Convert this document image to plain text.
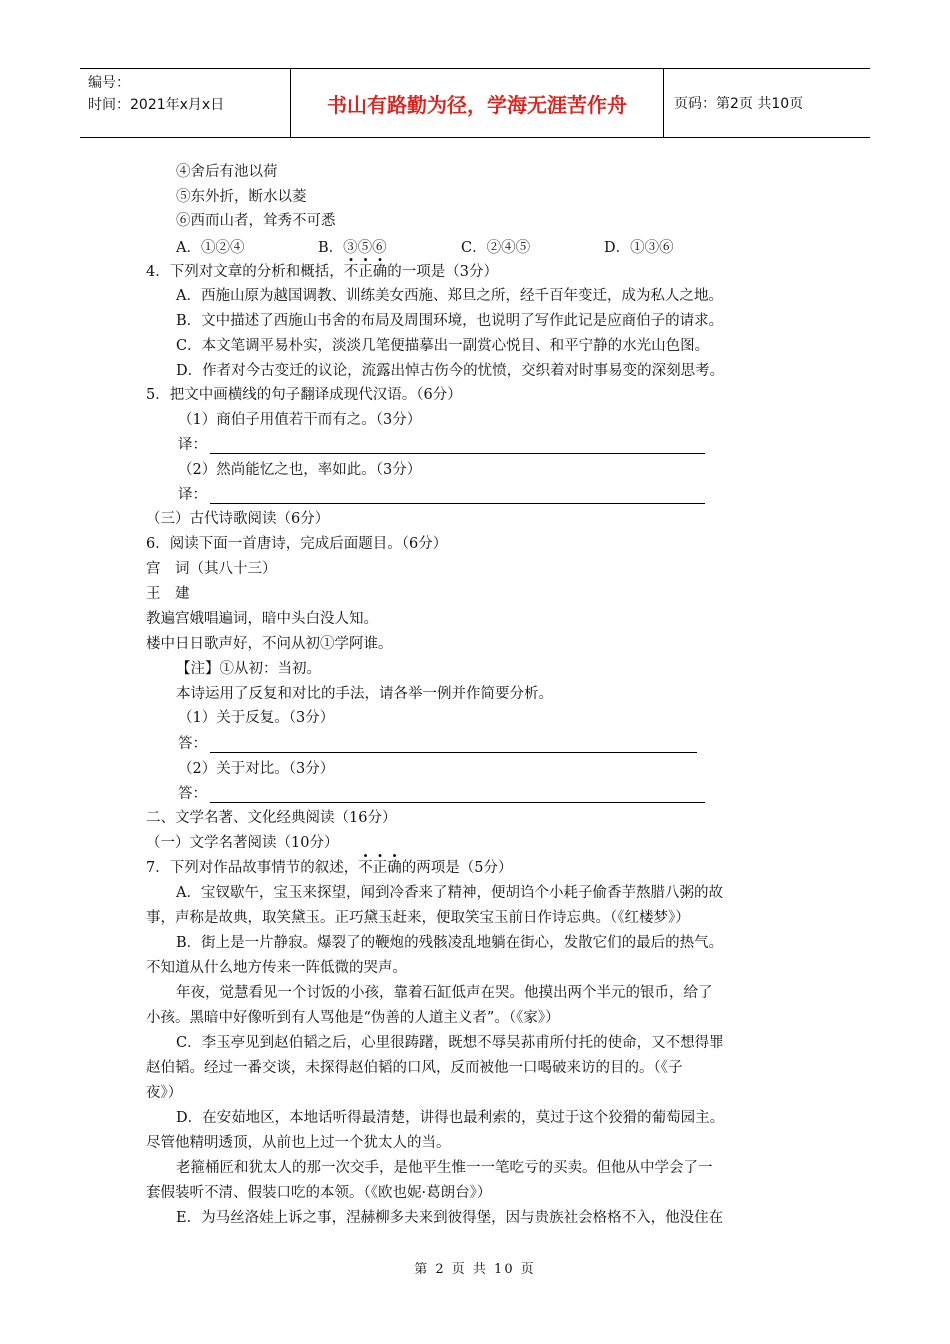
编号：
时间：2021年x月x日	书山有路勤为径，学海无涯苦作舟	页码：第2页 共10页
④舍后有池以荷
⑤东外折，断水以菱
⑥西而山者，耸秀不可悉
A．①②④	B．③⑤⑥	C．②④⑤	D．①③⑥
4．下列对文章的分析和概括，不正确的一项是（3分）
A．西施山原为越国调教、训练美女西施、郑旦之所，经千百年变迁，成为私人之地。
B．文中描述了西施山书舍的布局及周围环境，也说明了写作此记是应商伯子的请求。
C．本文笔调平易朴实，淡淡几笔便描摹出一副赏心悦目、和平宁静的水光山色图。
D．作者对今古变迁的议论，流露出悼古伤今的忧愤，交织着对时事易变的深刻思考。
5．把文中画横线的句子翻译成现代汉语。（6分）
（1）商伯子用值若干而有之。（3分）
译：
（2）然尚能忆之也，率如此。（3分）
译：
（三）古代诗歌阅读（6分）
6．阅读下面一首唐诗，完成后面题目。（6分）
宫　词（其八十三）
王　建
教遍宫娥唱遍词，暗中头白没人知。
楼中日日歌声好，不问从初①学阿谁。
【注】①从初：当初。
本诗运用了反复和对比的手法，请各举一例并作简要分析。
（1）关于反复。（3分）
答：
（2）关于对比。（3分）
答：
二、文学名著、文化经典阅读（16分）
（一）文学名著阅读（10分）
7．下列对作品故事情节的叙述，不正确的两项是（5分）
A．宝钗歇午，宝玉来探望，闻到冷香来了精神，便胡诌个小耗子偷香芋熬腊八粥的故
事，声称是故典，取笑黛玉。正巧黛玉赶来，便取笑宝玉前日作诗忘典。（《红楼梦》）
B．街上是一片静寂。爆裂了的鞭炮的残骸凌乱地躺在街心，发散它们的最后的热气。
不知道从什么地方传来一阵低微的哭声。
年夜，觉慧看见一个讨饭的小孩，靠着石缸低声在哭。他摸出两个半元的银币，给了
小孩。黑暗中好像听到有人骂他是“伪善的人道主义者”。（《家》）
C．李玉亭见到赵伯韬之后，心里很踌躇，既想不辱吴荪甫所付托的使命，又不想得罪
赵伯韬。经过一番交谈，未探得赵伯韬的口风，反而被他一口喝破来访的目的。（《子
夜》）
D．在安茹地区，本地话听得最清楚，讲得也最利索的，莫过于这个狡猾的葡萄园主。
尽管他精明透顶，从前也上过一个犹太人的当。
老箍桶匠和犹太人的那一次交手，是他平生惟一一笔吃亏的买卖。但他从中学会了一
套假装听不清、假装口吃的本领。（《欧也妮·葛朗台》）
E．为马丝洛娃上诉之事，涅赫柳多夫来到彼得堡，因与贵族社会格格不入，他没住在
第 2 页 共 10 页
